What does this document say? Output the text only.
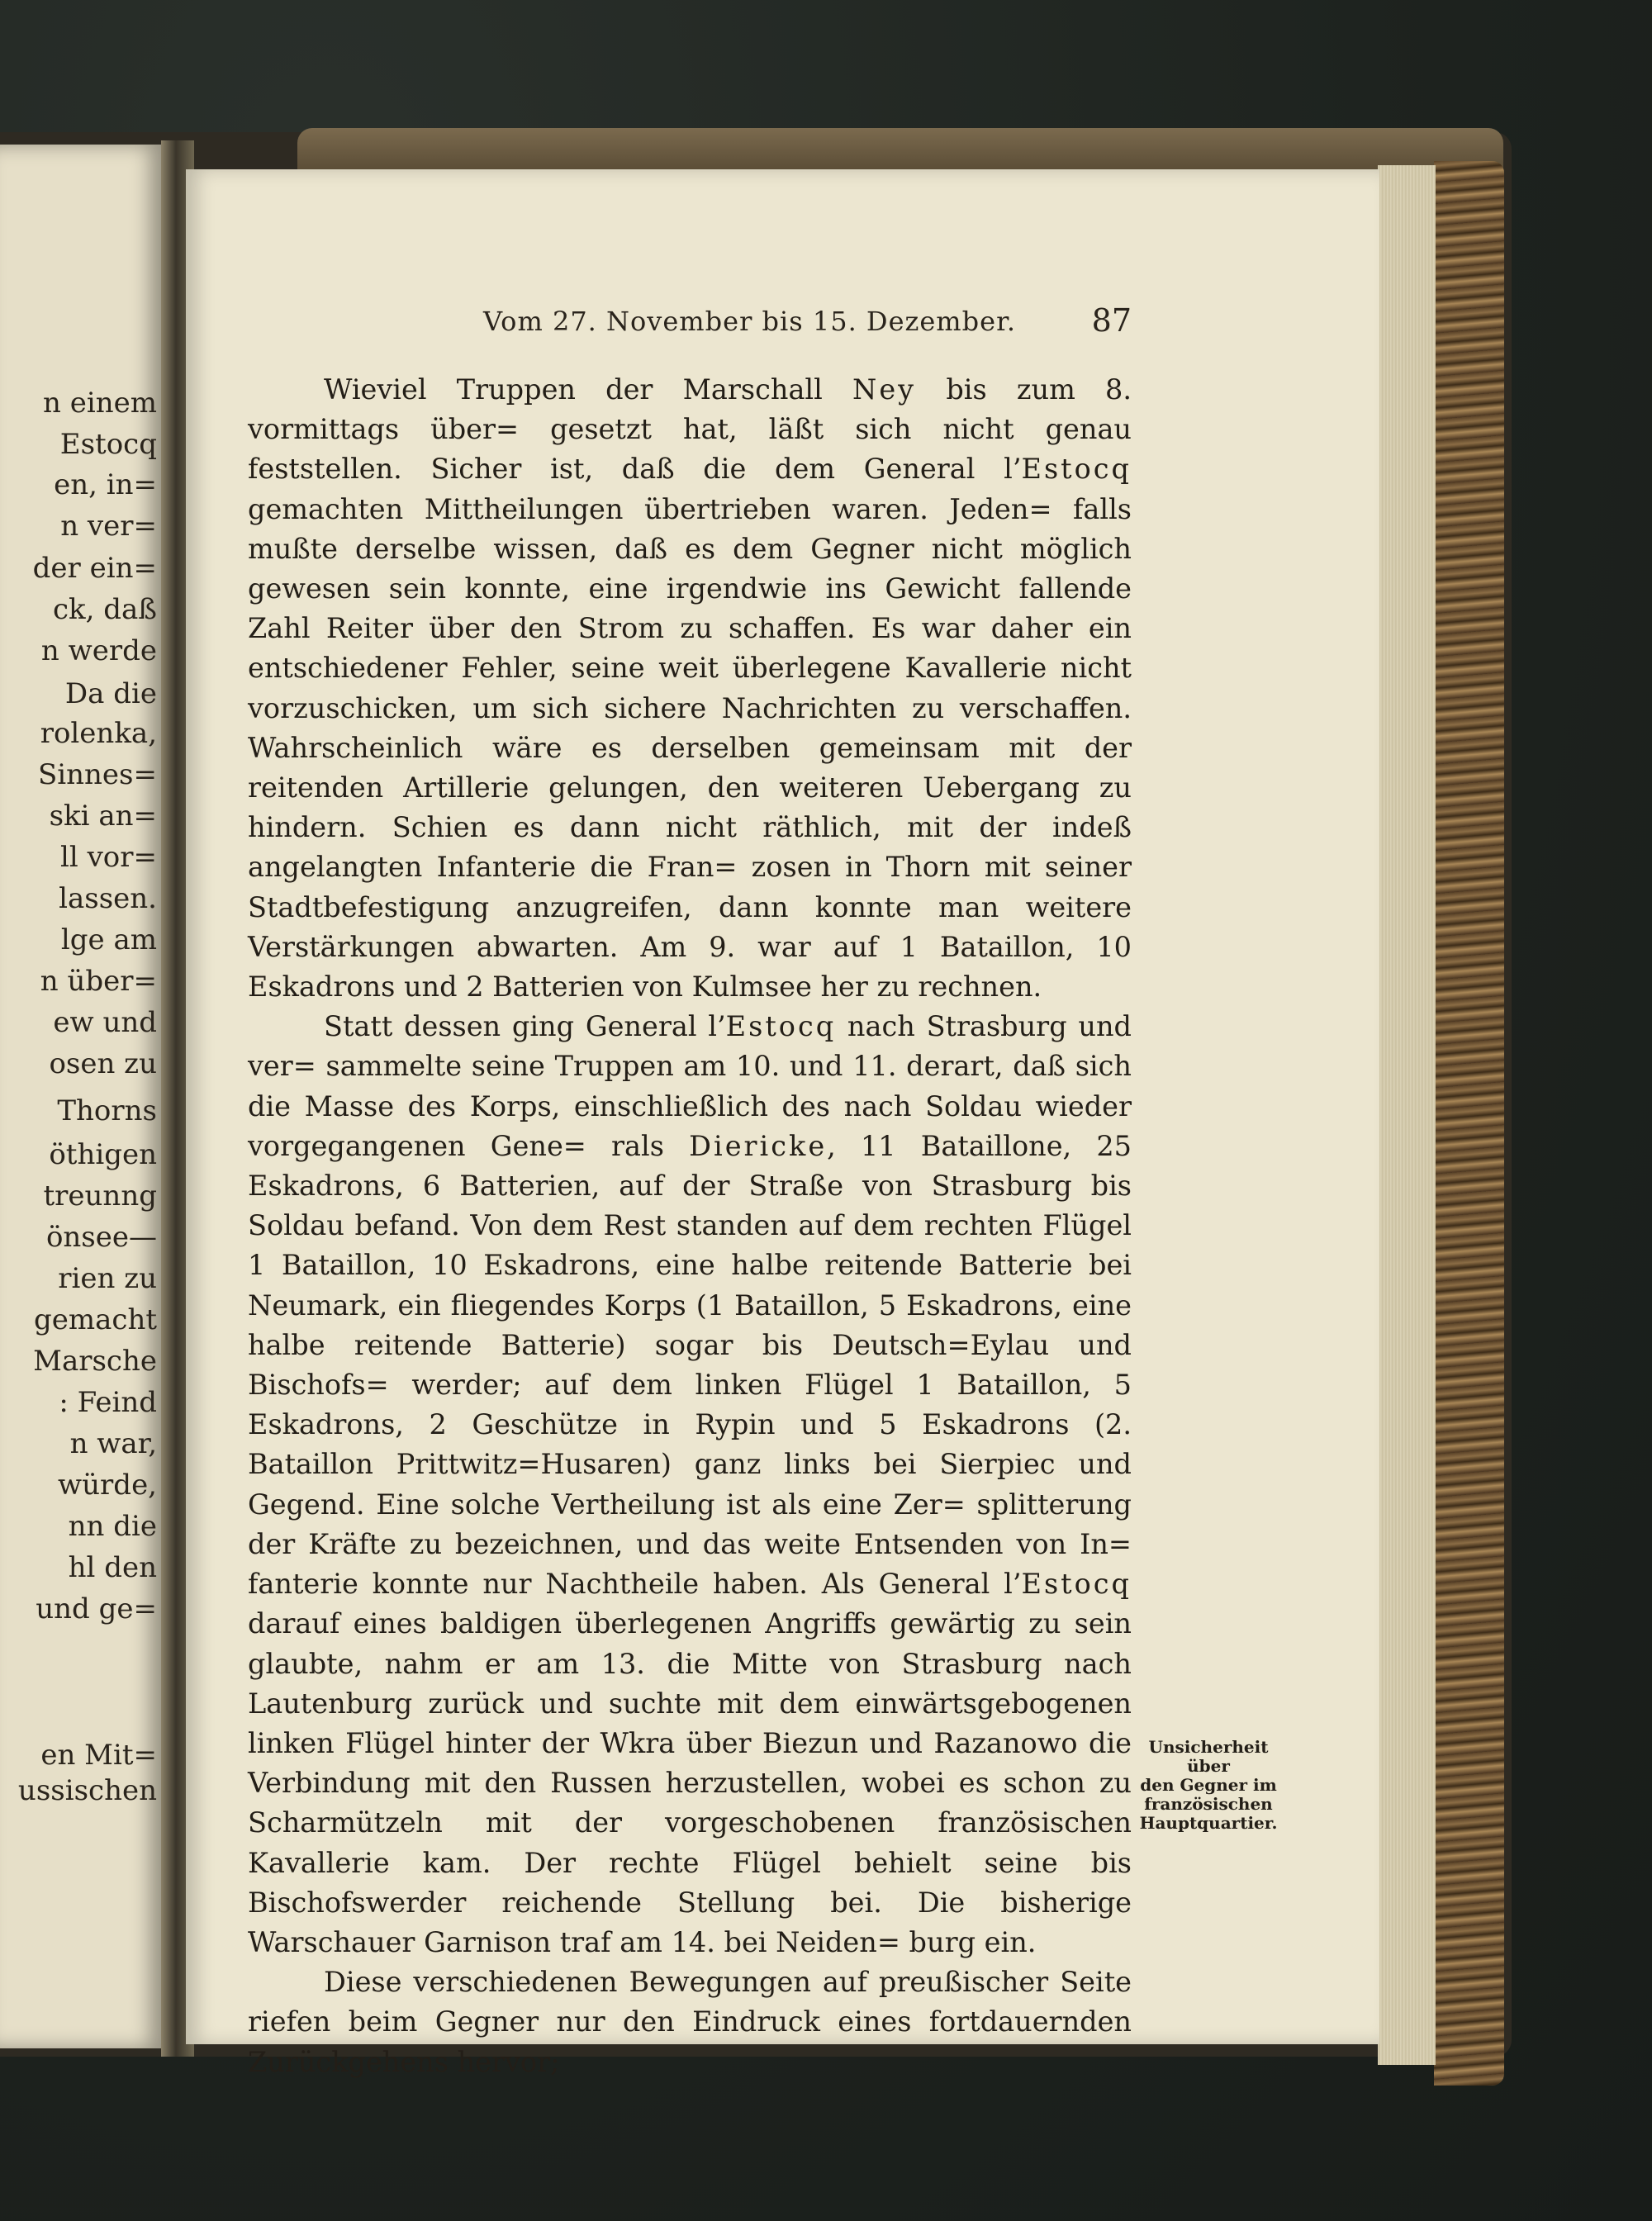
n einem
Estocq
en, in=
n ver=
der ein=
ck, daß
n werde
Da die
rolenka,
Sinnes=
ski an=
ll vor=
lassen.
lge am
n über=
ew und
osen zu
Thorns
öthigen
treunng
önsee—
rien zu
gemacht
Marsche
: Feind
n war,
würde,
nn die
hl den
und ge=
en Mit=
ussischen
Vom 27. November bis 15. Dezember. 87

Wieviel Truppen der Marschall Ney bis zum 8. vormittags über= gesetzt hat, läßt sich nicht genau feststellen. Sicher ist, daß die dem General l’Estocq gemachten Mittheilungen übertrieben waren. Jeden= falls mußte derselbe wissen, daß es dem Gegner nicht möglich gewesen sein konnte, eine irgendwie ins Gewicht fallende Zahl Reiter über den Strom zu schaffen. Es war daher ein entschiedener Fehler, seine weit überlegene Kavallerie nicht vorzuschicken, um sich sichere Nachrichten zu verschaffen. Wahrscheinlich wäre es derselben gemeinsam mit der reitenden Artillerie gelungen, den weiteren Uebergang zu hindern. Schien es dann nicht räthlich, mit der indeß angelangten Infanterie die Fran= zosen in Thorn mit seiner Stadtbefestigung anzugreifen, dann konnte man weitere Verstärkungen abwarten. Am 9. war auf 1 Bataillon, 10 Eskadrons und 2 Batterien von Kulmsee her zu rechnen.

Statt dessen ging General l’Estocq nach Strasburg und ver= sammelte seine Truppen am 10. und 11. derart, daß sich die Masse des Korps, einschließlich des nach Soldau wieder vorgegangenen Gene= rals Diericke, 11 Bataillone, 25 Eskadrons, 6 Batterien, auf der Straße von Strasburg bis Soldau befand. Von dem Rest standen auf dem rechten Flügel 1 Bataillon, 10 Eskadrons, eine halbe reitende Batterie bei Neumark, ein fliegendes Korps (1 Bataillon, 5 Eskadrons, eine halbe reitende Batterie) sogar bis Deutsch=Eylau und Bischofs= werder; auf dem linken Flügel 1 Bataillon, 5 Eskadrons, 2 Geschütze in Rypin und 5 Eskadrons (2. Bataillon Prittwitz=Husaren) ganz links bei Sierpiec und Gegend. Eine solche Vertheilung ist als eine Zer= splitterung der Kräfte zu bezeichnen, und das weite Entsenden von In= fanterie konnte nur Nachtheile haben. Als General l’Estocq darauf eines baldigen überlegenen Angriffs gewärtig zu sein glaubte, nahm er am 13. die Mitte von Strasburg nach Lautenburg zurück und suchte mit dem einwärtsgebogenen linken Flügel hinter der Wkra über Biezun und Razanowo die Verbindung mit den Russen herzustellen, wobei es schon zu Scharmützeln mit der vorgeschobenen französischen Kavallerie kam. Der rechte Flügel behielt seine bis Bischofswerder reichende Stellung bei. Die bisherige Warschauer Garnison traf am 14. bei Neiden= burg ein.

Diese verschiedenen Bewegungen auf preußischer Seite riefen beim Gegner nur den Eindruck eines fortdauernden Zurückgehens hervor;

Unsicherheit über
den Gegner im
französischen
Hauptquartier.
